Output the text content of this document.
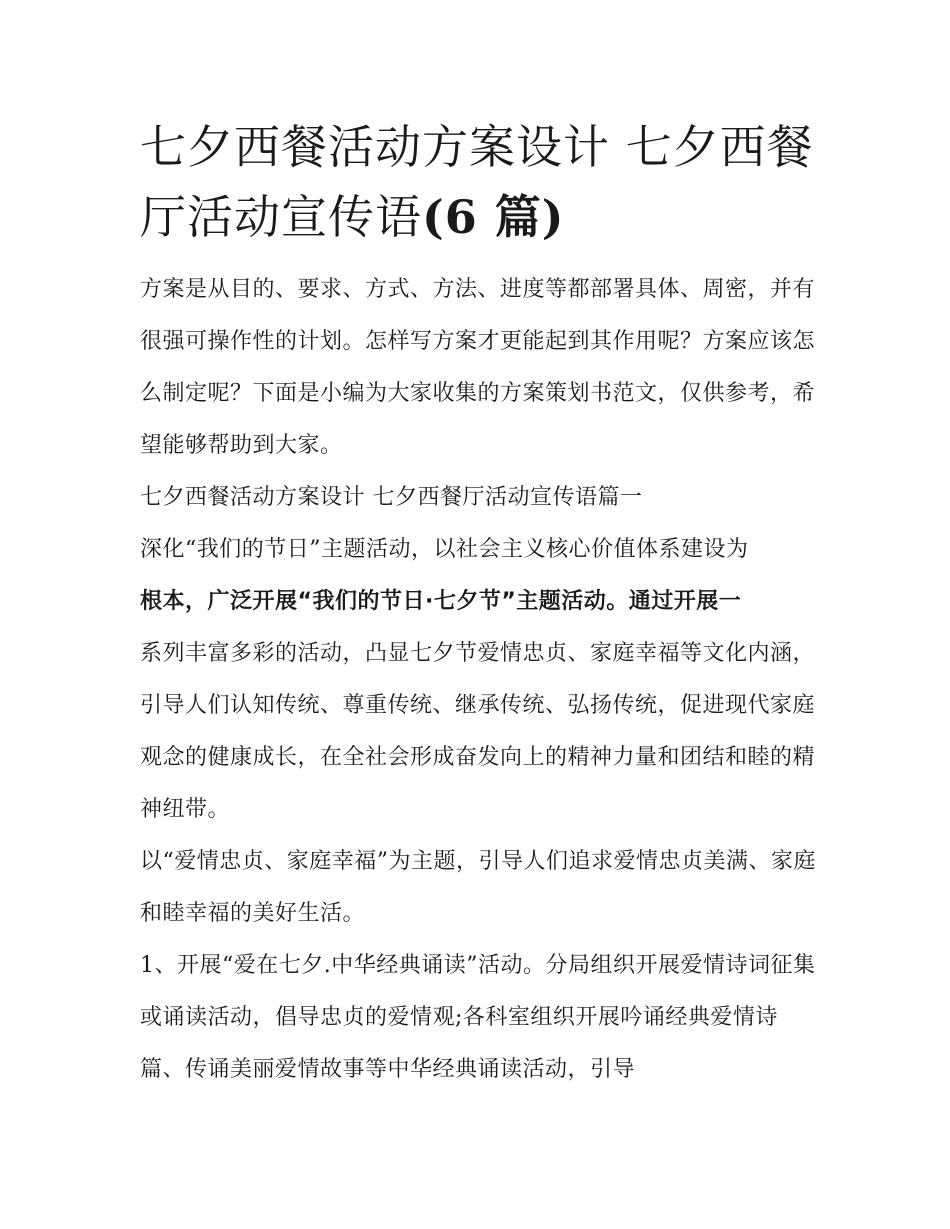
七夕西餐活动方案设计 七夕西餐厅活动宣传语(6 篇)

方案是从目的、要求、方式、方法、进度等都部署具体、周密，并有很强可操作性的计划。怎样写方案才更能起到其作用呢？方案应该怎么制定呢？下面是小编为大家收集的方案策划书范文，仅供参考，希望能够帮助到大家。

七夕西餐活动方案设计 七夕西餐厅活动宣传语篇一

深化“我们的节日”主题活动，以社会主义核心价值体系建设为
根本，广泛开展“我们的节日·七夕节”主题活动。通过开展一
系列丰富多彩的活动，凸显七夕节爱情忠贞、家庭幸福等文化内涵，引导人们认知传统、尊重传统、继承传统、弘扬传统，促进现代家庭观念的健康成长，在全社会形成奋发向上的精神力量和团结和睦的精神纽带。

以“爱情忠贞、家庭幸福”为主题，引导人们追求爱情忠贞美满、家庭和睦幸福的美好生活。

1、开展“爱在七夕.中华经典诵读”活动。分局组织开展爱情诗词征集或诵读活动，倡导忠贞的爱情观;各科室组织开展吟诵经典爱情诗篇、传诵美丽爱情故事等中华经典诵读活动，引导
